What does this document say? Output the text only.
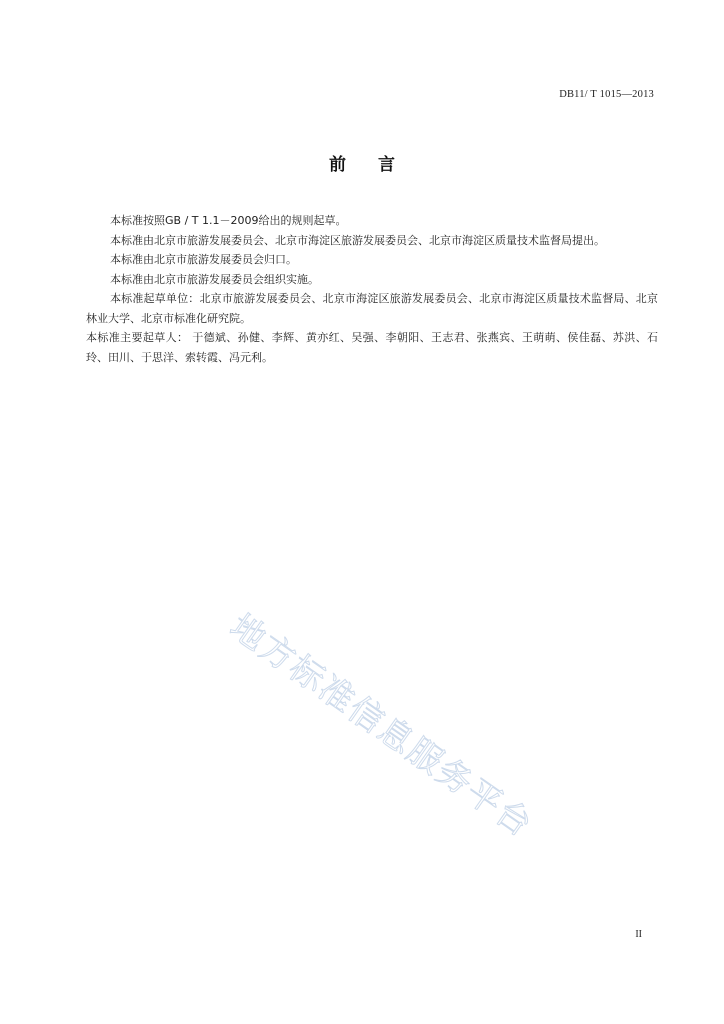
DB11/ T 1015—2013
前言

本标准按照GB / T 1.1－2009给出的规则起草。

本标准由北京市旅游发展委员会、北京市海淀区旅游发展委员会、北京市海淀区质量技术监督局提出。

本标准由北京市旅游发展委员会归口。

本标准由北京市旅游发展委员会组织实施。

本标准起草单位：北京市旅游发展委员会、北京市海淀区旅游发展委员会、北京市海淀区质量技术监督局、北京林业大学、北京市标准化研究院。

本标准主要起草人： 于德斌、孙健、李辉、黄亦红、吴强、李朝阳、王志君、张燕宾、王萌萌、侯佳磊、苏洪、石玲、田川、于思洋、索转霞、冯元利。

地方标准信息服务平台
II
